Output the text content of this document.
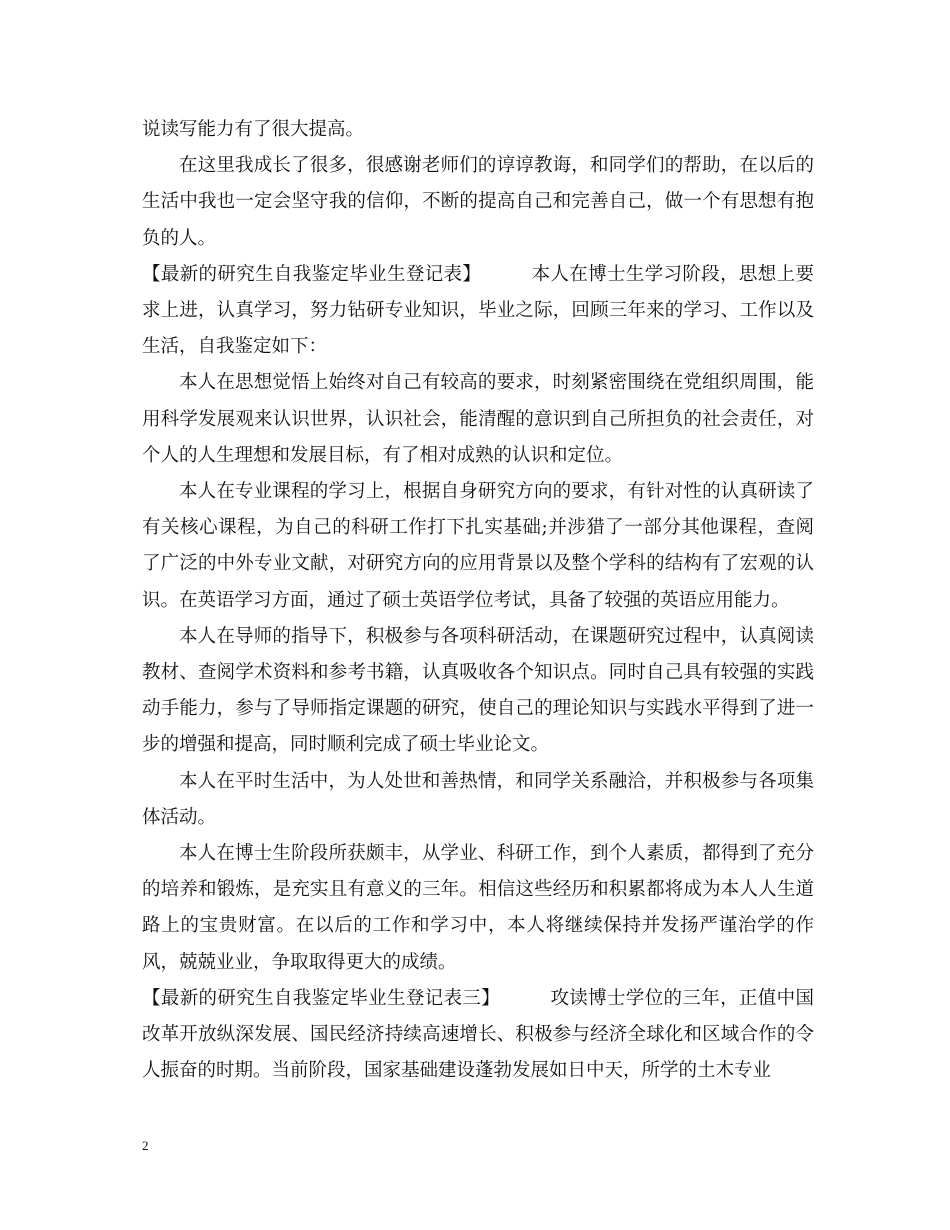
说读写能力有了很大提高。

在这里我成长了很多，很感谢老师们的谆谆教诲，和同学们的帮助，在以后的生活中我也一定会坚守我的信仰，不断的提高自己和完善自己，做一个有思想有抱负的人。

【最新的研究生自我鉴定毕业生登记表】	本人在博士生学习阶段，思想上要求上进，认真学习，努力钻研专业知识，毕业之际，回顾三年来的学习、工作以及生活，自我鉴定如下：

本人在思想觉悟上始终对自己有较高的要求，时刻紧密围绕在党组织周围，能用科学发展观来认识世界，认识社会，能清醒的意识到自己所担负的社会责任，对个人的人生理想和发展目标，有了相对成熟的认识和定位。

本人在专业课程的学习上，根据自身研究方向的要求，有针对性的认真研读了有关核心课程，为自己的科研工作打下扎实基础;并涉猎了一部分其他课程，查阅了广泛的中外专业文献，对研究方向的应用背景以及整个学科的结构有了宏观的认识。在英语学习方面，通过了硕士英语学位考试，具备了较强的英语应用能力。

本人在导师的指导下，积极参与各项科研活动，在课题研究过程中，认真阅读教材、查阅学术资料和参考书籍，认真吸收各个知识点。同时自己具有较强的实践动手能力，参与了导师指定课题的研究，使自己的理论知识与实践水平得到了进一步的增强和提高，同时顺利完成了硕士毕业论文。

本人在平时生活中，为人处世和善热情，和同学关系融洽，并积极参与各项集体活动。

本人在博士生阶段所获颇丰，从学业、科研工作，到个人素质，都得到了充分的培养和锻炼，是充实且有意义的三年。相信这些经历和积累都将成为本人人生道路上的宝贵财富。在以后的工作和学习中，本人将继续保持并发扬严谨治学的作风，兢兢业业，争取取得更大的成绩。

【最新的研究生自我鉴定毕业生登记表三】	攻读博士学位的三年，正值中国改革开放纵深发展、国民经济持续高速增长、积极参与经济全球化和区域合作的令人振奋的时期。当前阶段，国家基础建设蓬勃发展如日中天，所学的土木专业

2
